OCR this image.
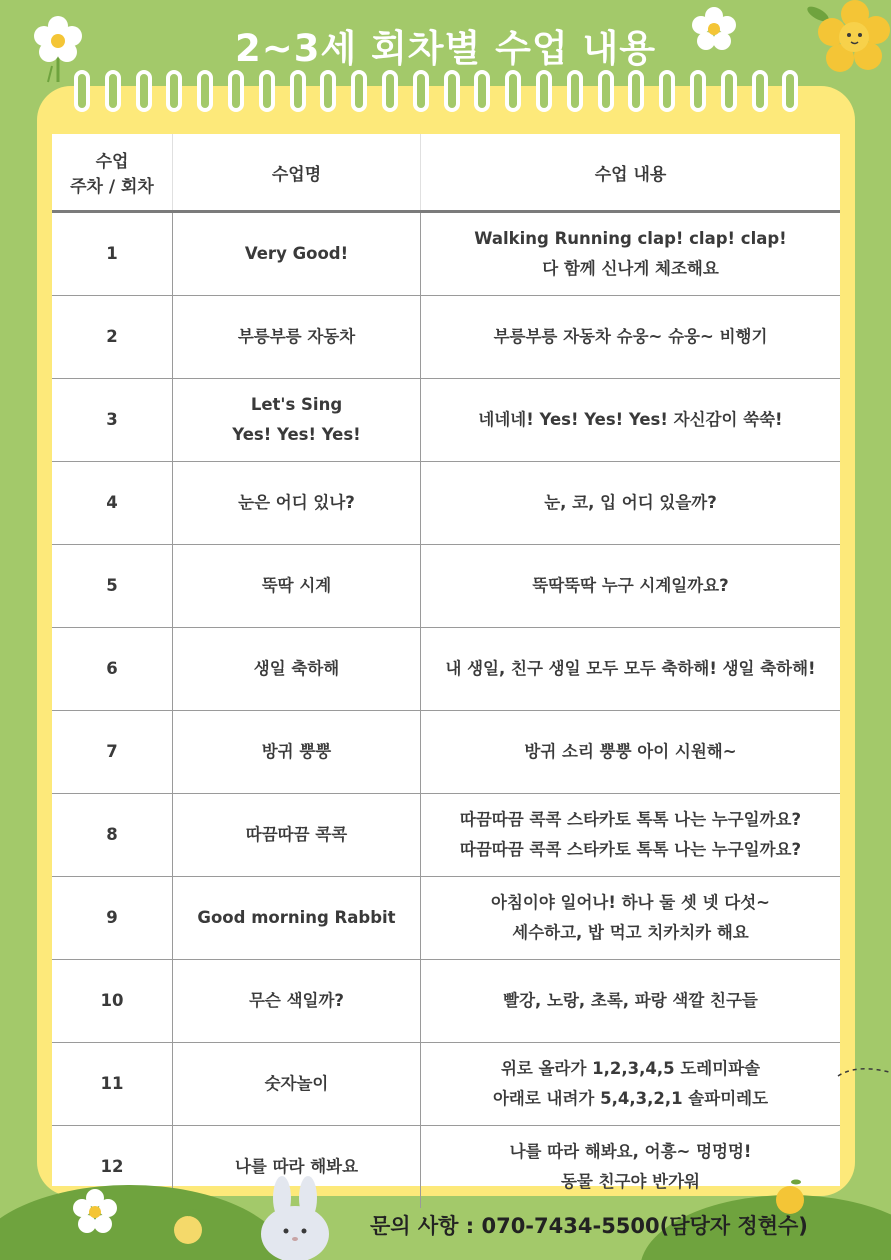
2~3세 회차별 수업 내용
수업
주차 / 회차	수업명	수업 내용
1	Very Good!	Walking Running clap! clap! clap!
다 함께 신나게 체조해요
2	부릉부릉 자동차	부릉부릉 자동차 슈웅~ 슈웅~ 비행기
3	Let's Sing
Yes! Yes! Yes!	네네네! Yes! Yes! Yes! 자신감이 쑥쑥!
4	눈은 어디 있나?	눈, 코, 입 어디 있을까?
5	뚝딱 시계	뚝딱뚝딱 누구 시계일까요?
6	생일 축하해	내 생일, 친구 생일 모두 모두 축하해! 생일 축하해!
7	방귀 뿡뿡	방귀 소리 뿡뿡 아이 시원해~
8	따끔따끔 콕콕	따끔따끔 콕콕 스타카토 톡톡 나는 누구일까요?
따끔따끔 콕콕 스타카토 톡톡 나는 누구일까요?
9	Good morning Rabbit	아침이야 일어나! 하나 둘 셋 넷 다섯~
세수하고, 밥 먹고 치카치카 해요
10	무슨 색일까?	빨강, 노랑, 초록, 파랑 색깔 친구들
11	숫자놀이	위로 올라가 1,2,3,4,5 도레미파솔
아래로 내려가 5,4,3,2,1 솔파미레도
12	나를 따라 해봐요	나를 따라 해봐요, 어흥~ 멍멍멍!
동물 친구야 반가워
문의 사항 : 070-7434-5500(담당자 정현수)
